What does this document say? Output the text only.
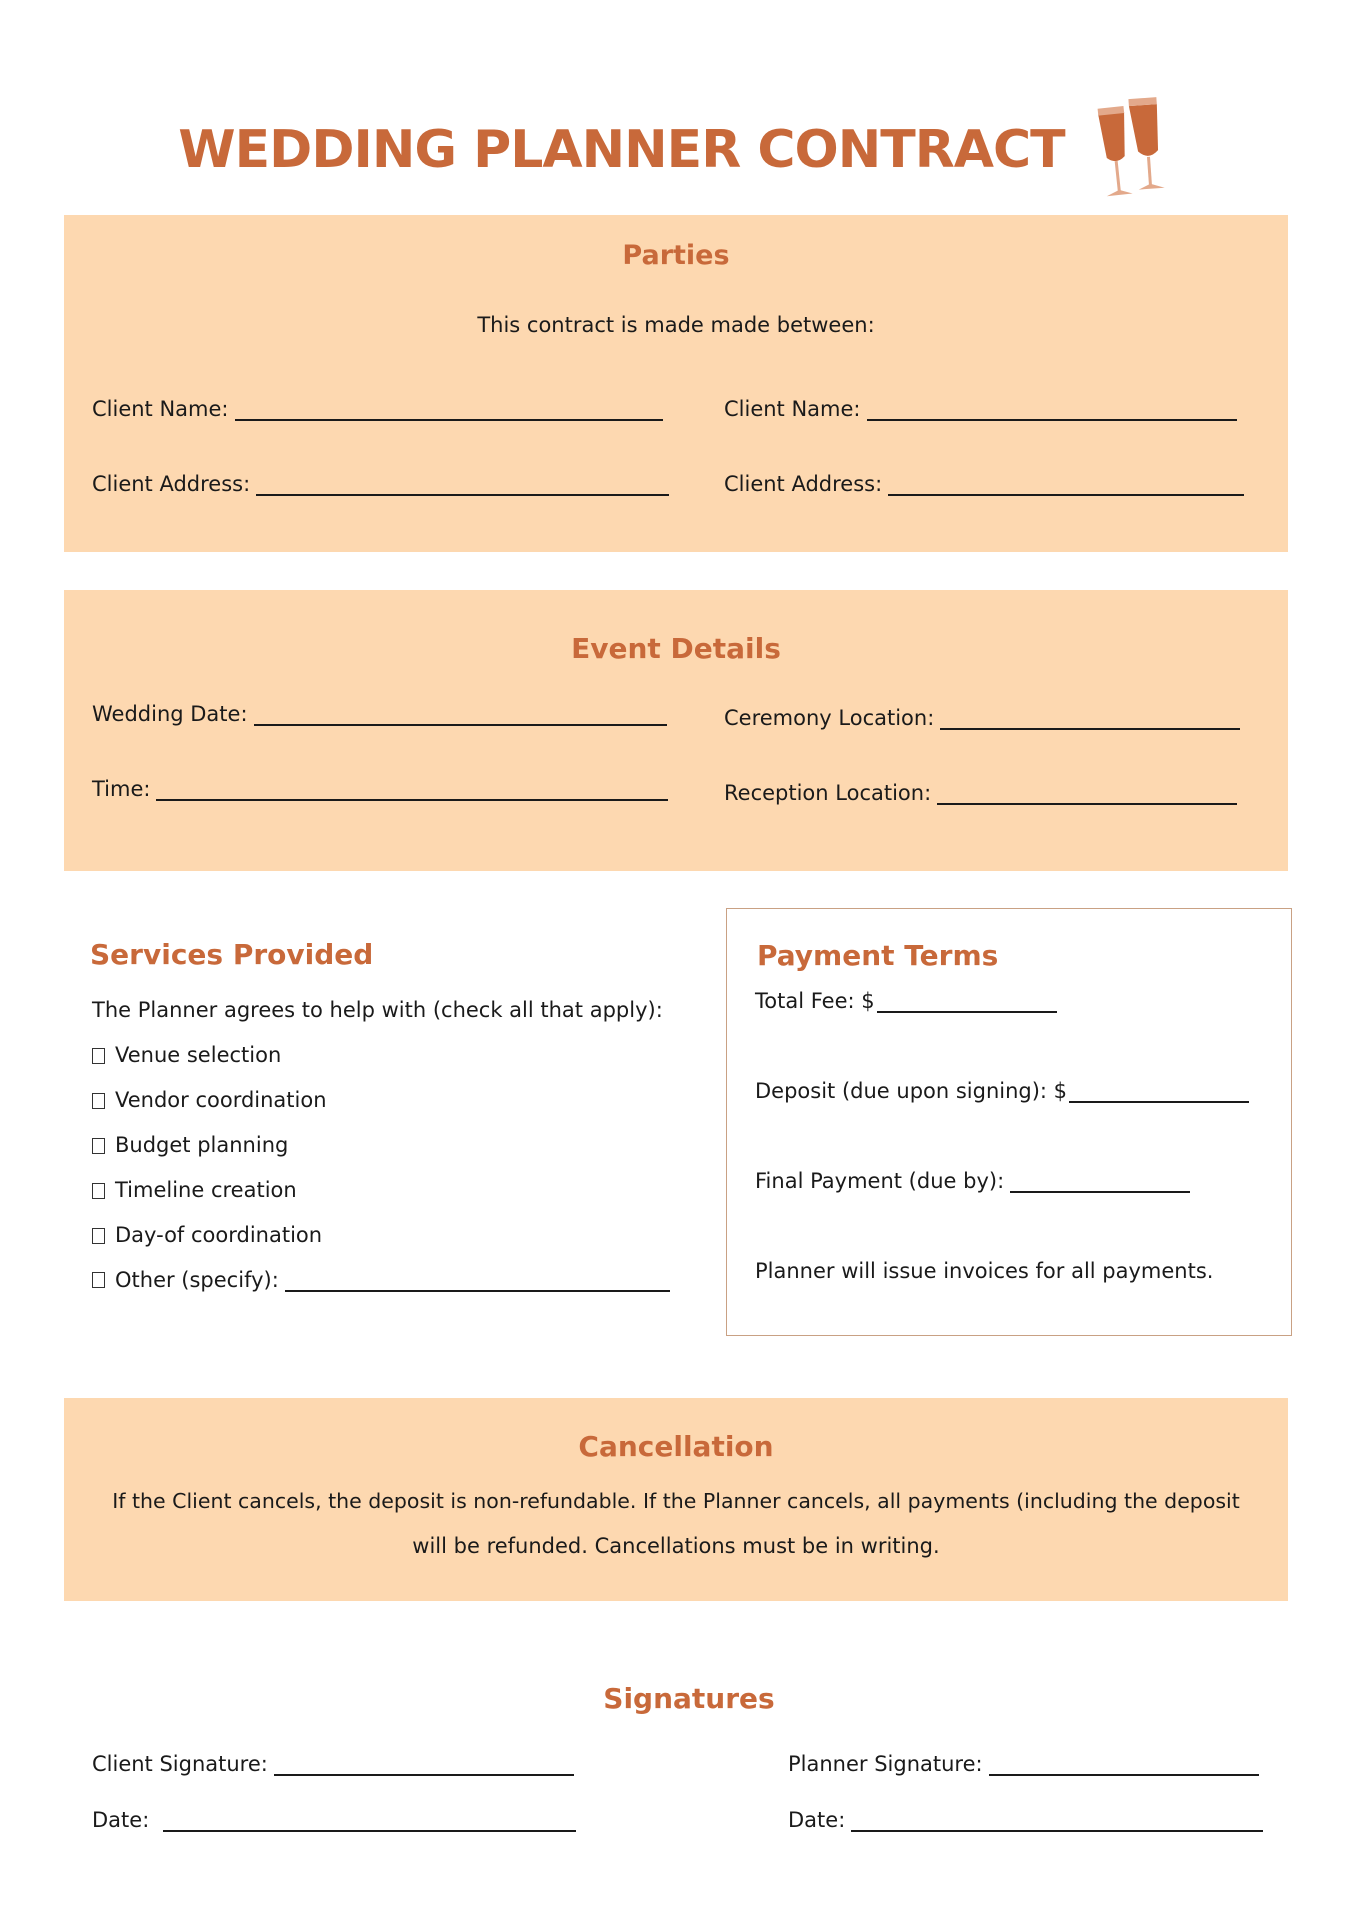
WEDDING PLANNER CONTRACT
Parties
This contract is made made between:
Client Name:
Client Address:
Client Name:
Client Address:
Event Details
Wedding Date:
Time:
Ceremony Location:
Reception Location:
Services Provided
The Planner agrees to help with (check all that apply):
Venue selection
Vendor coordination
Budget planning
Timeline creation
Day-of coordination
Other (specify):
Payment Terms
Total Fee: $
Deposit (due upon signing): $
Final Payment (due by):
Planner will issue invoices for all payments.
Cancellation
If the Client cancels, the deposit is non-refundable. If the Planner cancels, all payments (including the deposit
will be refunded. Cancellations must be in writing.
Signatures
Client Signature:
Date:
Planner Signature:
Date:
